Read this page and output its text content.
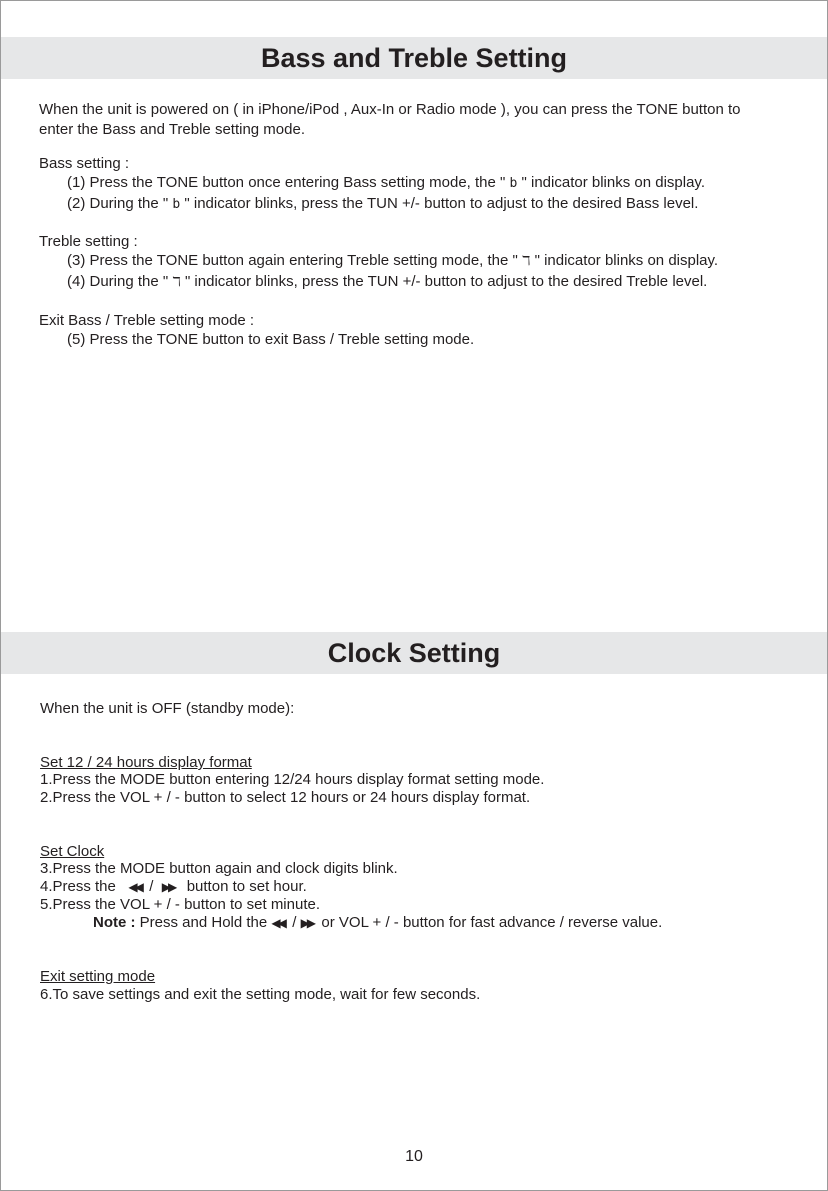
Bass and Treble Setting
When the unit is powered on ( in iPhone/iPod , Aux-In or Radio mode ), you can press the TONE button to
enter the Bass and Treble setting mode.
Bass setting :
(1) Press the TONE button once entering Bass setting mode, the " b " indicator blinks on display.
(2) During the " b " indicator blinks, press the TUN +/- button to adjust to the desired Bass level.
Treble setting :
(3) Press the TONE button again entering Treble setting mode, the " ℸ " indicator blinks on display.
(4) During the " ℸ " indicator blinks, press the TUN +/- button to adjust to the desired Treble level.
Exit Bass / Treble setting mode :
(5) Press the TONE button to exit Bass / Treble setting mode.
Clock Setting
When the unit is OFF (standby mode):
Set 12 / 24 hours display format
1.Press the MODE button entering 12/24 hours display format setting mode.
2.Press the VOL + / - button to select 12 hours or 24 hours display format.
Set Clock
3.Press the MODE button again and clock digits blink.
4.Press the ◀◀ / ▶▶ button to set hour.
5.Press the VOL + / - button to set minute.
Note : Press and Hold the ◀◀ / ▶▶ or VOL + / - button for fast advance / reverse value.
Exit setting mode
6.To save settings and exit the setting mode, wait for few seconds.
10
